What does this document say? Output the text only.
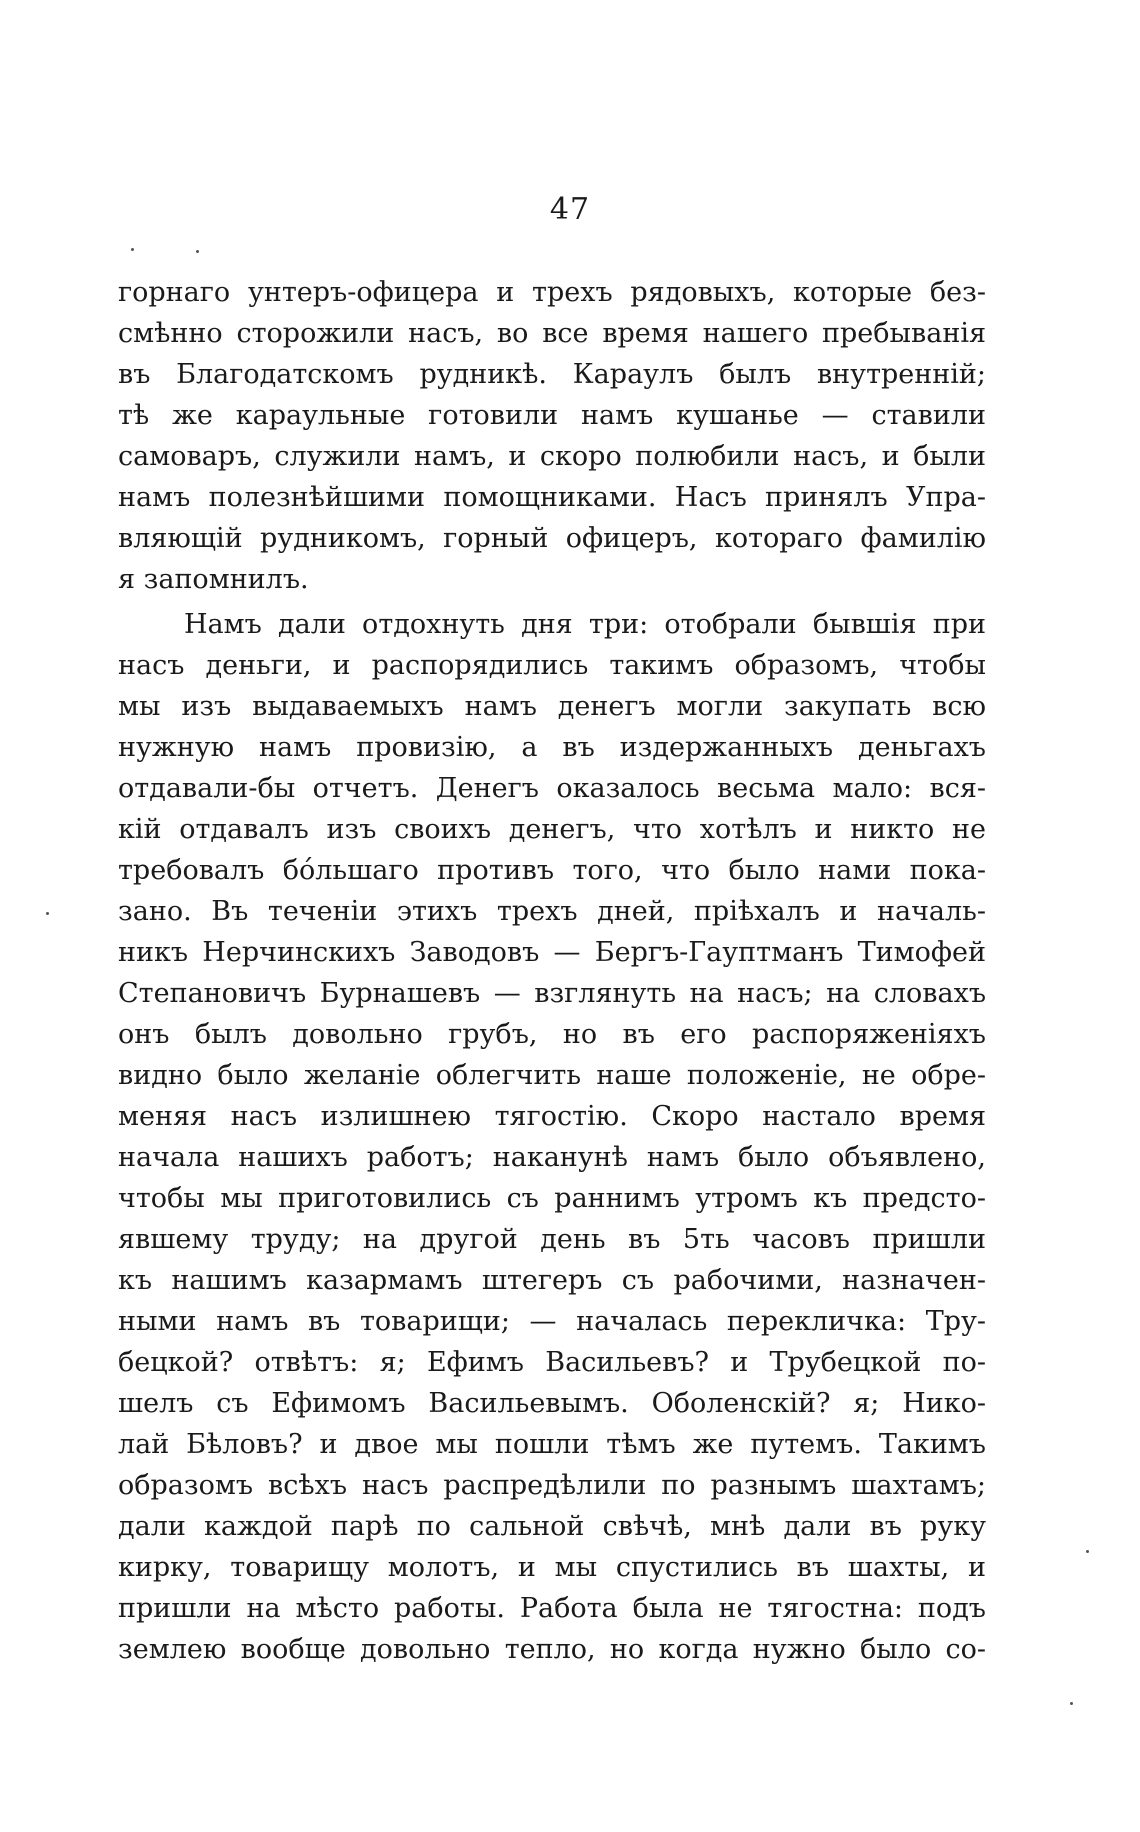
47
горнаго унтеръ-офицера и трехъ рядовыхъ, которые без-
смѣнно сторожили насъ, во все время нашего пребыванія
въ Благодатскомъ рудникѣ. Караулъ былъ внутренній;
тѣ же караульные готовили намъ кушанье — ставили
самоваръ, служили намъ, и скоро полюбили насъ, и были
намъ полезнѣйшими помощниками. Насъ принялъ Упра-
вляющій рудникомъ, горный офицеръ, котораго фамилію
я запомнилъ.
Намъ дали отдохнуть дня три: отобрали бывшія при
насъ деньги, и распорядились такимъ образомъ, чтобы
мы изъ выдаваемыхъ намъ денегъ могли закупать всю
нужную намъ провизію, а въ издержанныхъ деньгахъ
отдавали-бы отчетъ. Денегъ оказалось весьма мало: вся-
кій отдавалъ изъ своихъ денегъ, что хотѣлъ и никто не
требовалъ бо́льшаго противъ того, что было нами пока-
зано. Въ теченіи этихъ трехъ дней, пріѣхалъ и началь-
никъ Нерчинскихъ Заводовъ — Бергъ-Гауптманъ Тимофей
Степановичъ Бурнашевъ — взглянуть на насъ; на словахъ
онъ былъ довольно грубъ, но въ его распоряженіяхъ
видно было желаніе облегчить наше положеніе, не обре-
меняя насъ излишнею тягостію. Скоро настало время
начала нашихъ работъ; наканунѣ намъ было объявлено,
чтобы мы приготовились съ раннимъ утромъ къ предсто-
явшему труду; на другой день въ 5ть часовъ пришли
къ нашимъ казармамъ штегеръ съ рабочими, назначен-
ными намъ въ товарищи; — началась перекличка: Тру-
бецкой? отвѣтъ: я; Ефимъ Васильевъ? и Трубецкой по-
шелъ съ Ефимомъ Васильевымъ. Оболенскій? я; Нико-
лай Бѣловъ? и двое мы пошли тѣмъ же путемъ. Такимъ
образомъ всѣхъ насъ распредѣлили по разнымъ шахтамъ;
дали каждой парѣ по сальной свѣчѣ, мнѣ дали въ руку
кирку, товарищу молотъ, и мы спустились въ шахты, и
пришли на мѣсто работы. Работа была не тягостна: подъ
землею вообще довольно тепло, но когда нужно было со-
